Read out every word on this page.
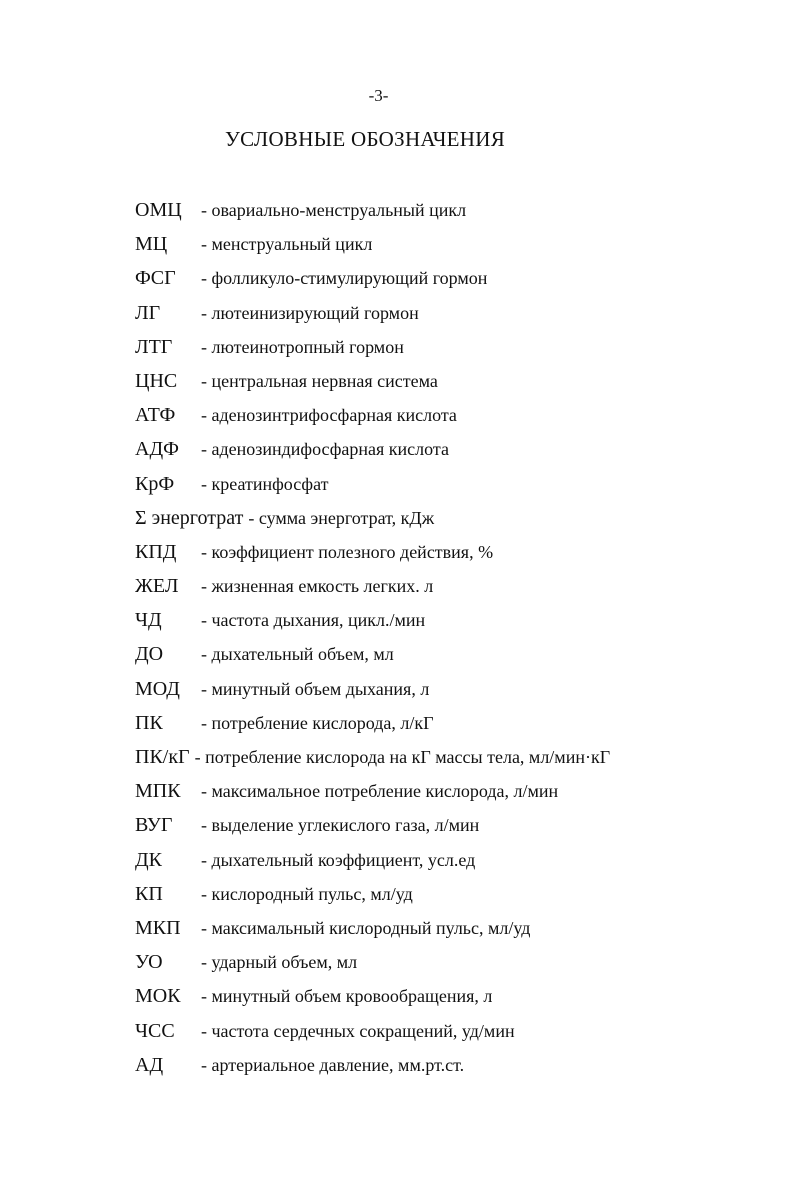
-3-
УСЛОВНЫЕ ОБОЗНАЧЕНИЯ
ОМЦ	- овариально-менструальный цикл
МЦ	- менструальный цикл
ФСГ	- фолликуло-стимулирующий гормон
ЛГ	- лютеинизирующий гормон
ЛТГ	- лютеинотропный гормон
ЦНС	- центральная нервная система
АТФ	- аденозинтрифосфарная кислота
АДФ	- аденозиндифосфарная кислота
КрФ	- креатинфосфат
Σ энерготрат - сумма энерготрат, кДж
КПД	- коэффициент полезного действия, %
ЖЕЛ	- жизненная емкость легких. л
ЧД	- частота дыхания, цикл./мин
ДО	- дыхательный объем, мл
МОД	- минутный объем дыхания, л
ПК	- потребление кислорода, л/кГ
ПК/кГ - потребление кислорода на кГ массы тела, мл/мин·кГ
МПК	- максимальное потребление кислорода, л/мин
ВУГ	- выделение углекислого газа, л/мин
ДК	- дыхательный коэффициент, усл.ед
КП	- кислородный пульс, мл/уд
МКП	- максимальный кислородный пульс, мл/уд
УО	- ударный объем, мл
МОК	- минутный объем кровообращения, л
ЧСС	- частота сердечных сокращений, уд/мин
АД	- артериальное давление, мм.рт.ст.
